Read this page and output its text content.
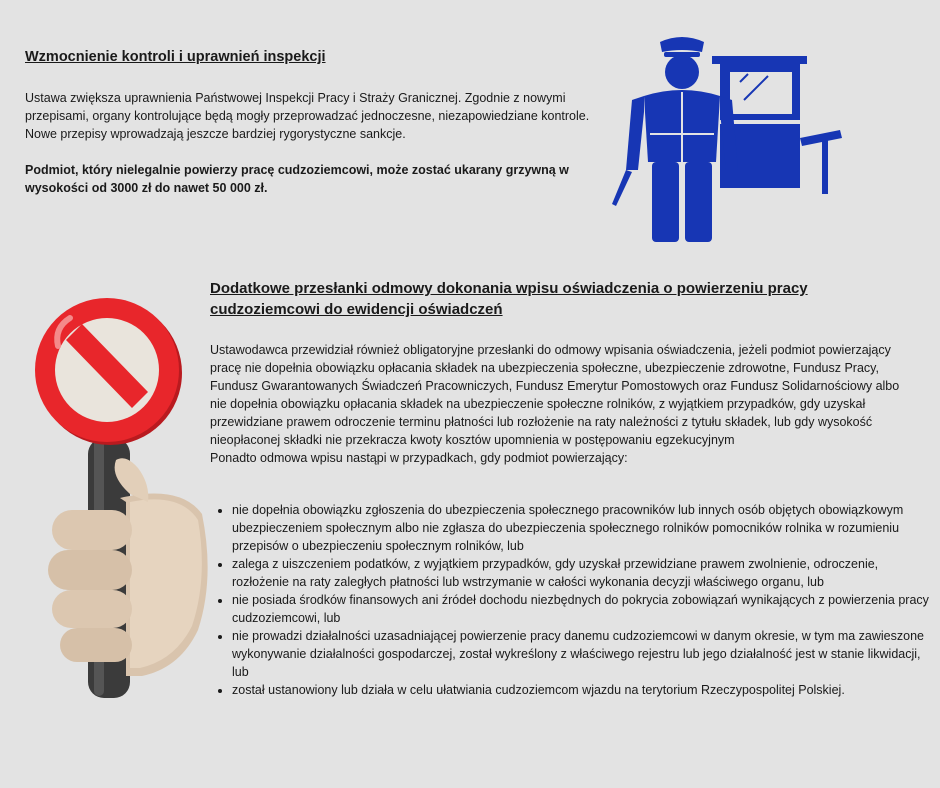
Wzmocnienie kontroli i uprawnień inspekcji

Ustawa zwiększa uprawnienia Państwowej Inspekcji Pracy i Straży Granicznej. Zgodnie z nowymi przepisami, organy kontrolujące będą mogły przeprowadzać jednoczesne, niezapowiedziane kontrole. Nowe przepisy wprowadzają jeszcze bardziej rygorystyczne sankcje.

Podmiot, który nielegalnie powierzy pracę cudzoziemcowi, może zostać ukarany grzywną w wysokości od 3000 zł do nawet 50 000 zł.

Dodatkowe przesłanki odmowy dokonania wpisu oświadczenia o powierzeniu pracy cudzoziemcowi do ewidencji oświadczeń
Ustawodawca przewidział również obligatoryjne przesłanki do odmowy wpisania oświadczenia, jeżeli podmiot powierzający pracę nie dopełnia obowiązku opłacania składek na ubezpieczenia społeczne, ubezpieczenie zdrowotne, Fundusz Pracy, Fundusz Gwarantowanych Świadczeń Pracowniczych, Fundusz Emerytur Pomostowych oraz Fundusz Solidarnościowy albo nie dopełnia obowiązku opłacania składek na ubezpieczenie społeczne rolników, z wyjątkiem przypadków, gdy uzyskał przewidziane prawem odroczenie terminu płatności lub rozłożenie na raty należności z tytułu składek, lub gdy wysokość nieopłaconej składki nie przekracza kwoty kosztów upomnienia w postępowaniu egzekucyjnym
Ponadto odmowa wpisu nastąpi w przypadkach, gdy podmiot powierzający:
• nie dopełnia obowiązku zgłoszenia do ubezpieczenia społecznego pracowników lub innych osób objętych obowiązkowym ubezpieczeniem społecznym albo nie zgłasza do ubezpieczenia społecznego rolników pomocników rolnika w rozumieniu przepisów o ubezpieczeniu społecznym rolników, lub
• zalega z uiszczeniem podatków, z wyjątkiem przypadków, gdy uzyskał przewidziane prawem zwolnienie, odroczenie, rozłożenie na raty zaległych płatności lub wstrzymanie w całości wykonania decyzji właściwego organu, lub
• nie posiada środków finansowych ani źródeł dochodu niezbędnych do pokrycia zobowiązań wynikających z powierzenia pracy cudzoziemcowi, lub
• nie prowadzi działalności uzasadniającej powierzenie pracy danemu cudzoziemcowi w danym okresie, w tym ma zawieszone wykonywanie działalności gospodarczej, został wykreślony z właściwego rejestru lub jego działalność jest w stanie likwidacji, lub
• został ustanowiony lub działa w celu ułatwiania cudzoziemcom wjazdu na terytorium Rzeczypospolitej Polskiej.
